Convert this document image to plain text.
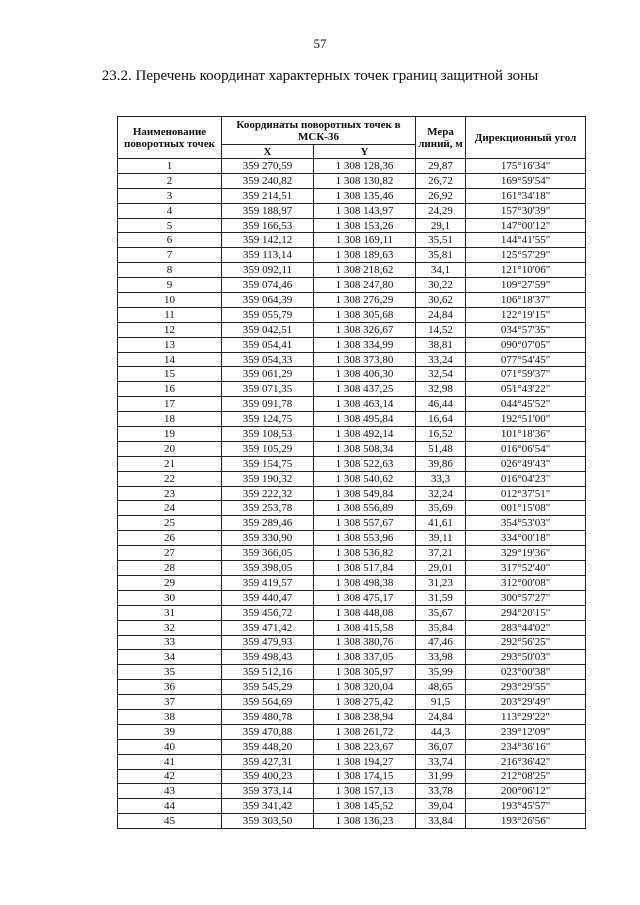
57
23.2. Перечень координат характерных точек границ защитной зоны
Наименование поворотных точек	Координаты поворотных точек в МСК-36		Мера линий, м	Дирекционный угол
	X	Y		
1	359 270,59	1 308 128,36	29,87	175°16'34"
2	359 240,82	1 308 130,82	26,72	169°59'54"
3	359 214,51	1 308 135,46	26,92	161°34'18"
4	359 188,97	1 308 143,97	24,29	157°30'39"
5	359 166,53	1 308 153,26	29,1	147°00'12"
6	359 142,12	1 308 169,11	35,51	144°41'55"
7	359 113,14	1 308 189,63	35,81	125°57'29"
8	359 092,11	1 308 218,62	34,1	121°10'06"
9	359 074,46	1 308 247,80	30,22	109°27'59"
10	359 064,39	1 308 276,29	30,62	106°18'37"
11	359 055,79	1 308 305,68	24,84	122°19'15"
12	359 042,51	1 308 326,67	14,52	034°57'35"
13	359 054,41	1 308 334,99	38,81	090°07'05"
14	359 054,33	1 308 373,80	33,24	077°54'45"
15	359 061,29	1 308 406,30	32,54	071°59'37"
16	359 071,35	1 308 437,25	32,98	051°43'22"
17	359 091,78	1 308 463,14	46,44	044°45'52"
18	359 124,75	1 308 495,84	16,64	192°51'00"
19	359 108,53	1 308 492,14	16,52	101°18'36"
20	359 105,29	1 308 508,34	51,48	016°06'54"
21	359 154,75	1 308 522,63	39,86	026°49'43"
22	359 190,32	1 308 540,62	33,3	016°04'23"
23	359 222,32	1 308 549,84	32,24	012°37'51"
24	359 253,78	1 308 556,89	35,69	001°15'08"
25	359 289,46	1 308 557,67	41,61	354°53'03"
26	359 330,90	1 308 553,96	39,11	334°00'18"
27	359 366,05	1 308 536,82	37,21	329°19'36"
28	359 398,05	1 308 517,84	29,01	317°52'40"
29	359 419,57	1 308 498,38	31,23	312°00'08"
30	359 440,47	1 308 475,17	31,59	300°57'27"
31	359 456,72	1 308 448,08	35,67	294°20'15"
32	359 471,42	1 308 415,58	35,84	283°44'02"
33	359 479,93	1 308 380,76	47,46	292°56'25"
34	359 498,43	1 308 337,05	33,98	293°50'03"
35	359 512,16	1 308 305,97	35,99	023°00'38"
36	359 545,29	1 308 320,04	48,65	293°29'55"
37	359 564,69	1 308 275,42	91,5	203°29'49"
38	359 480,78	1 308 238,94	24,84	113°29'22"
39	359 470,88	1 308 261,72	44,3	239°12'09"
40	359 448,20	1 308 223,67	36,07	234°36'16"
41	359 427,31	1 308 194,27	33,74	216°36'42"
42	359 400,23	1 308 174,15	31,99	212°08'25"
43	359 373,14	1 308 157,13	33,78	200°06'12"
44	359 341,42	1 308 145,52	39,04	193°45'57"
45	359 303,50	1 308 136,23	33,84	193°26'56"
